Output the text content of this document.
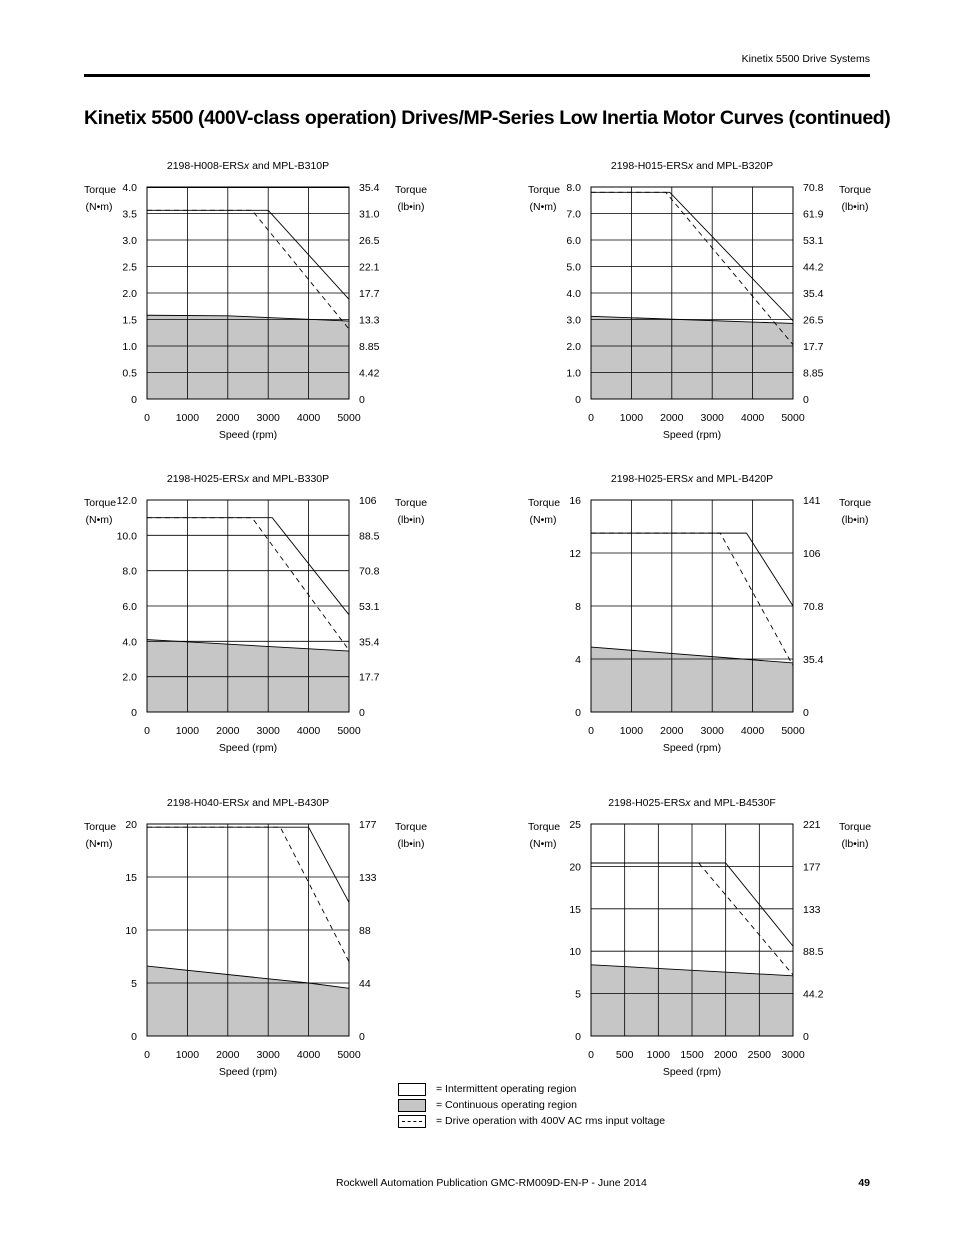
Kinetix 5500 Drive Systems
Kinetix 5500 (400V-class operation) Drives/MP-Series Low Inertia Motor Curves (continued)
2198-H008-ERSx and MPL-B310P
Torque
(N•m)
Torque
(lb•in)
Speed (rpm)
0
0.5
1.0
1.5
2.0
2.5
3.0
3.5
4.0
0
4.42
8.85
13.3
17.7
22.1
26.5
31.0
35.4
0 1000 2000 3000 4000 5000
2198-H015-ERSx and MPL-B320P
Torque
(N•m)
Torque
(lb•in)
Speed (rpm)
0
1.0
2.0
3.0
4.0
5.0
6.0
7.0
8.0
0
8.85
17.7
26.5
35.4
44.2
53.1
61.9
70.8
0 1000 2000 3000 4000 5000
2198-H025-ERSx and MPL-B330P
Torque
(N•m)
Torque
(lb•in)
Speed (rpm)
0
2.0
4.0
6.0
8.0
10.0
12.0
0
17.7
35.4
53.1
70.8
88.5
106
0 1000 2000 3000 4000 5000
2198-H025-ERSx and MPL-B420P
Torque
(N•m)
Torque
(lb•in)
Speed (rpm)
0
4
8
12
16
0
35.4
70.8
106
141
0 1000 2000 3000 4000 5000
2198-H040-ERSx and MPL-B430P
Torque
(N•m)
Torque
(lb•in)
Speed (rpm)
0
5
10
15
20
0
44
88
133
177
0 1000 2000 3000 4000 5000
2198-H025-ERSx and MPL-B4530F
Torque
(N•m)
Torque
(lb•in)
Speed (rpm)
0
5
10
15
20
25
0
44.2
88.5
133
177
221
0 500 1000 1500 2000 2500 3000
= Intermittent operating region
= Continuous operating region
= Drive operation with 400V AC rms input voltage
Rockwell Automation Publication GMC-RM009D-EN-P - June 2014	49
